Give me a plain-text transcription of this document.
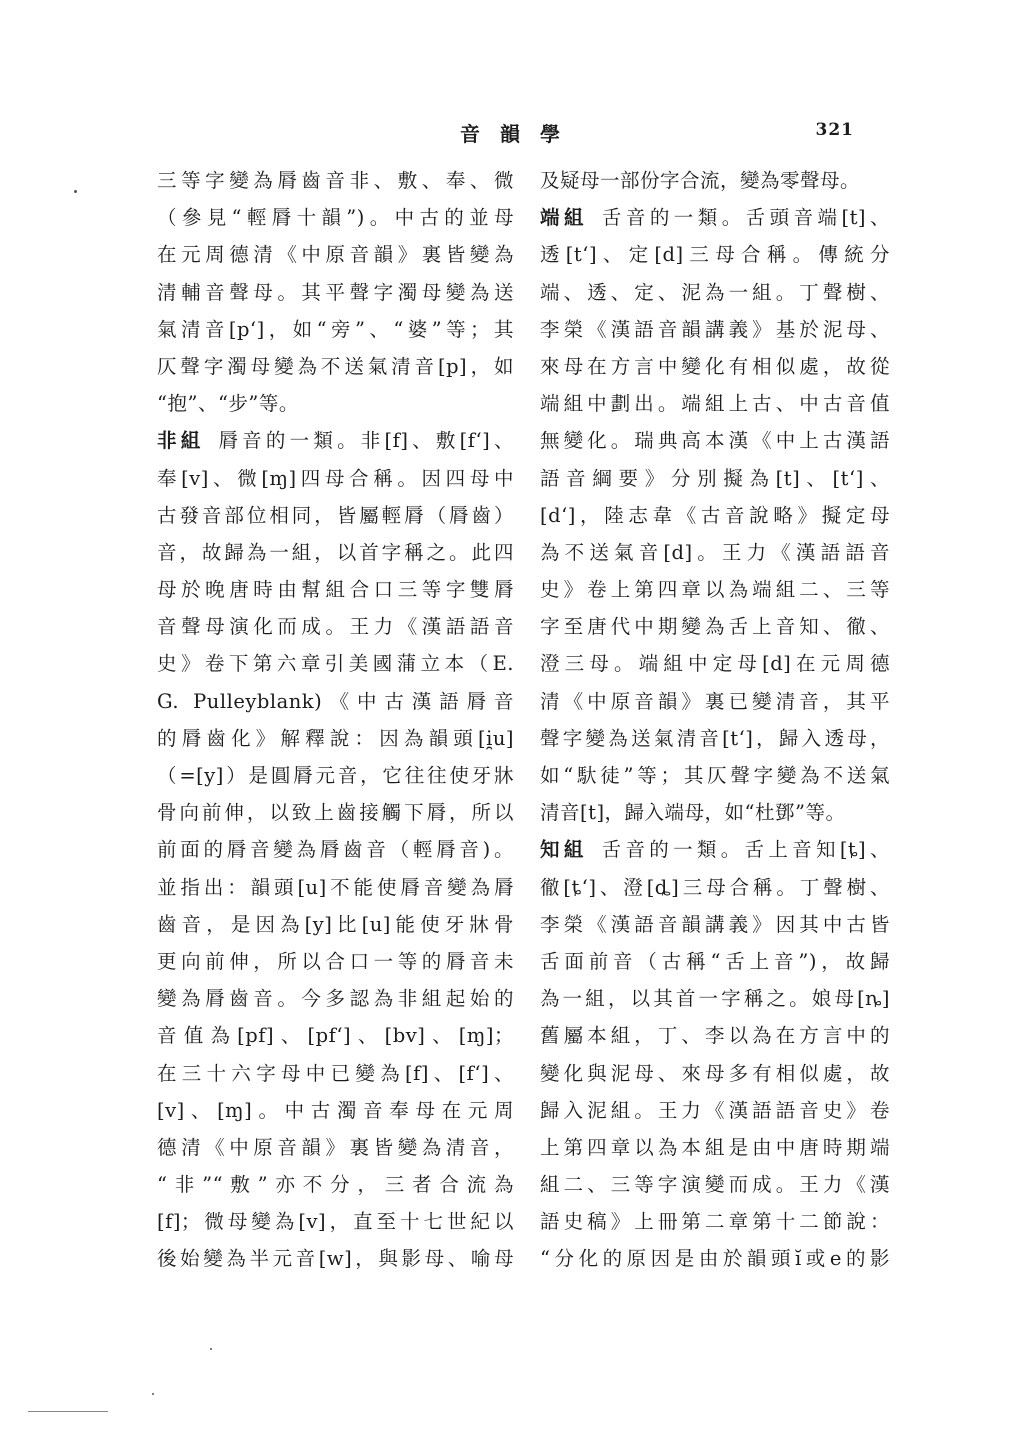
音韻學	321
三等字變為脣齒音非、敷、奉、微
（參見“輕脣十韻”)。中古的並母
在元周德清《中原音韻》裏皆變為
清輔音聲母。其平聲字濁母變為送
氣清音[p‘]，如“旁”、“婆”等；其
仄聲字濁母變為不送氣清音[p]，如
“抱”、“步”等。
非組 脣音的一類。非[f]、敷[f‘]、
奉[v]、微[ɱ]四母合稱。因四母中
古發音部位相同，皆屬輕脣（脣齒）
音，故歸為一組，以首字稱之。此四
母於晚唐時由幫組合口三等字雙脣
音聲母演化而成。王力《漢語語音
史》卷下第六章引美國蒲立本（E.
G. Pulleyblank)《中古漢語脣音
的脣齒化》解釋說：因為韻頭[i̯u]
（=[y]）是圓脣元音，它往往使牙牀
骨向前伸，以致上齒接觸下脣，所以
前面的脣音變為脣齒音（輕脣音)。
並指出：韻頭[u]不能使脣音變為脣
齒音，是因為[y]比[u]能使牙牀骨
更向前伸，所以合口一等的脣音未
變為脣齒音。今多認為非組起始的
音值為[pf]、[pf‘]、[bv]、[ɱ]；
在三十六字母中已變為[f]、[f‘]、
[v]、[ɱ]。中古濁音奉母在元周
德清《中原音韻》裏皆變為清音，
“非”“敷”亦不分，三者合流為
[f]；微母變為[v]，直至十七世紀以
後始變為半元音[w]，與影母、喻母
及疑母一部份字合流，變為零聲母。
端組 舌音的一類。舌頭音端[t]、
透[t‘]、定[d]三母合稱。傳統分
端、透、定、泥為一組。丁聲樹、
李榮《漢語音韻講義》基於泥母、
來母在方言中變化有相似處，故從
端組中劃出。端組上古、中古音值
無變化。瑞典高本漢《中上古漢語
語音綱要》分別擬為[t]、[t‘]、
[d‘]，陸志韋《古音說略》擬定母
為不送氣音[d]。王力《漢語語音
史》卷上第四章以為端組二、三等
字至唐代中期變為舌上音知、徹、
澄三母。端組中定母[d]在元周德
清《中原音韻》裏已變清音，其平
聲字變為送氣清音[t‘]，歸入透母，
如“馱徒”等；其仄聲字變為不送氣
清音[t]，歸入端母，如“杜鄧”等。
知組 舌音的一類。舌上音知[ȶ]、
徹[ȶ‘]、澄[ȡ]三母合稱。丁聲樹、
李榮《漢語音韻講義》因其中古皆
舌面前音（古稱“舌上音”)，故歸
為一組，以其首一字稱之。娘母[ȵ]
舊屬本組，丁、李以為在方言中的
變化與泥母、來母多有相似處，故
歸入泥組。王力《漢語語音史》卷
上第四章以為本組是由中唐時期端
組二、三等字演變而成。王力《漢
語史稿》上冊第二章第十二節說：
“分化的原因是由於韻頭ĭ或e的影
